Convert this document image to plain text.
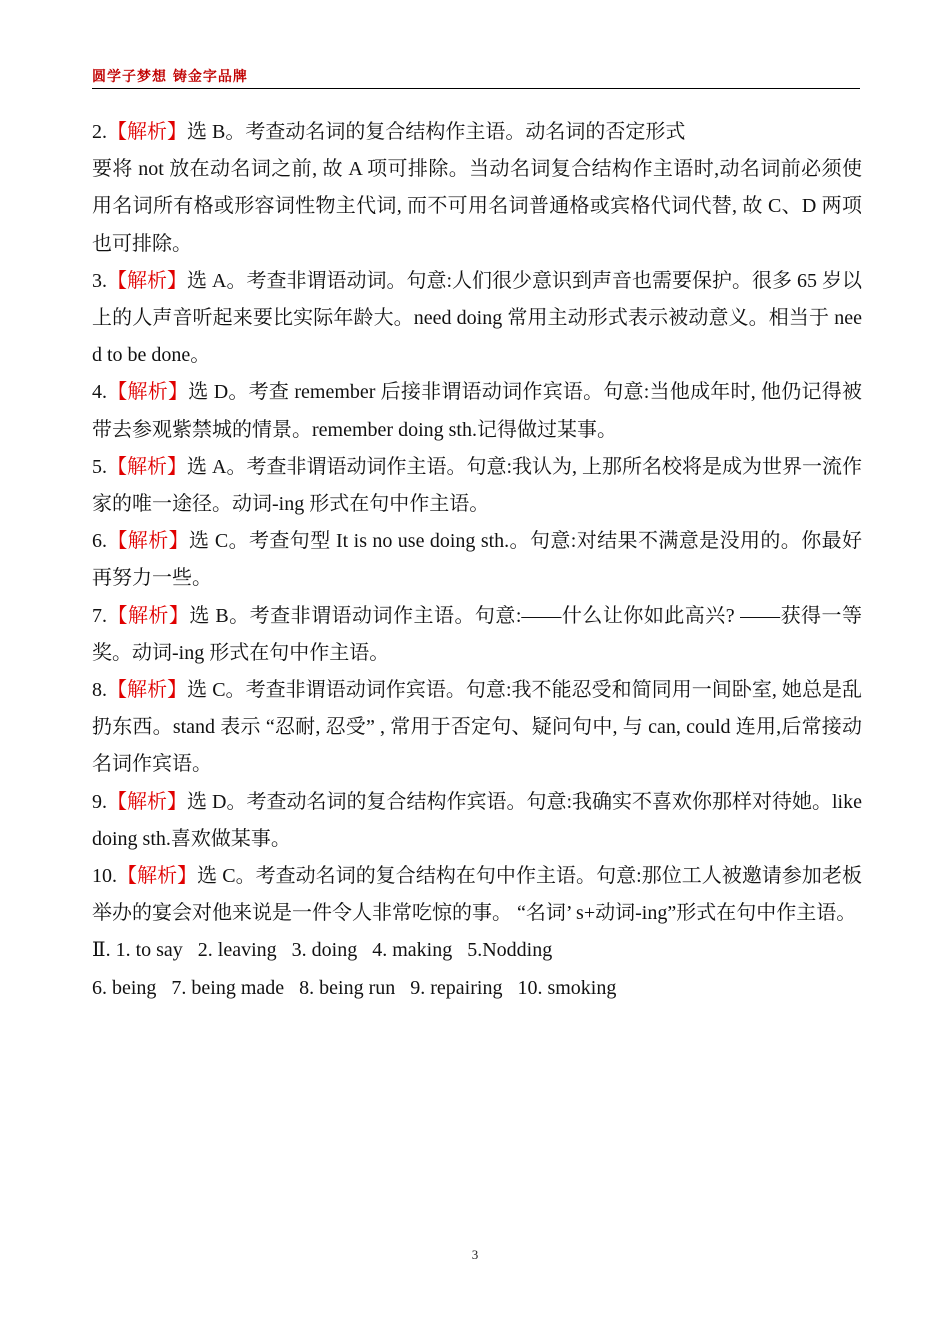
圆学子梦想 铸金字品牌

2.【解析】选 B。考查动名词的复合结构作主语。动名词的否定形式
要将 not 放在动名词之前, 故 A 项可排除。当动名词复合结构作主语时,动名词前必须使用名词所有格或形容词性物主代词, 而不可用名词普通格或宾格代词代替, 故 C、D 两项也可排除。

3.【解析】选 A。考查非谓语动词。句意:人们很少意识到声音也需要保护。很多 65 岁以上的人声音听起来要比实际年龄大。need doing 常用主动形式表示被动意义。相当于 need to be done。

4.【解析】选 D。考查 remember 后接非谓语动词作宾语。句意:当他成年时, 他仍记得被带去参观紫禁城的情景。remember doing sth.记得做过某事。

5.【解析】选 A。考查非谓语动词作主语。句意:我认为, 上那所名校将是成为世界一流作家的唯一途径。动词-ing 形式在句中作主语。

6.【解析】选 C。考查句型 It is no use doing sth.。句意:对结果不满意是没用的。你最好再努力一些。

7.【解析】选 B。考查非谓语动词作主语。句意:——什么让你如此高兴? ——获得一等奖。动词-ing 形式在句中作主语。

8.【解析】选 C。考查非谓语动词作宾语。句意:我不能忍受和简同用一间卧室, 她总是乱扔东西。stand 表示 “忍耐, 忍受” , 常用于否定句、疑问句中, 与 can, could 连用,后常接动名词作宾语。

9.【解析】选 D。考查动名词的复合结构作宾语。句意:我确实不喜欢你那样对待她。like doing sth.喜欢做某事。

10.【解析】选 C。考查动名词的复合结构在句中作主语。句意:那位工人被邀请参加老板举办的宴会对他来说是一件令人非常吃惊的事。 “名词’ s+动词-ing”形式在句中作主语。

Ⅱ. 1. to say   2. leaving   3. doing   4. making   5.Nodding

6. being   7. being made   8. being run   9. repairing   10. smoking

3
